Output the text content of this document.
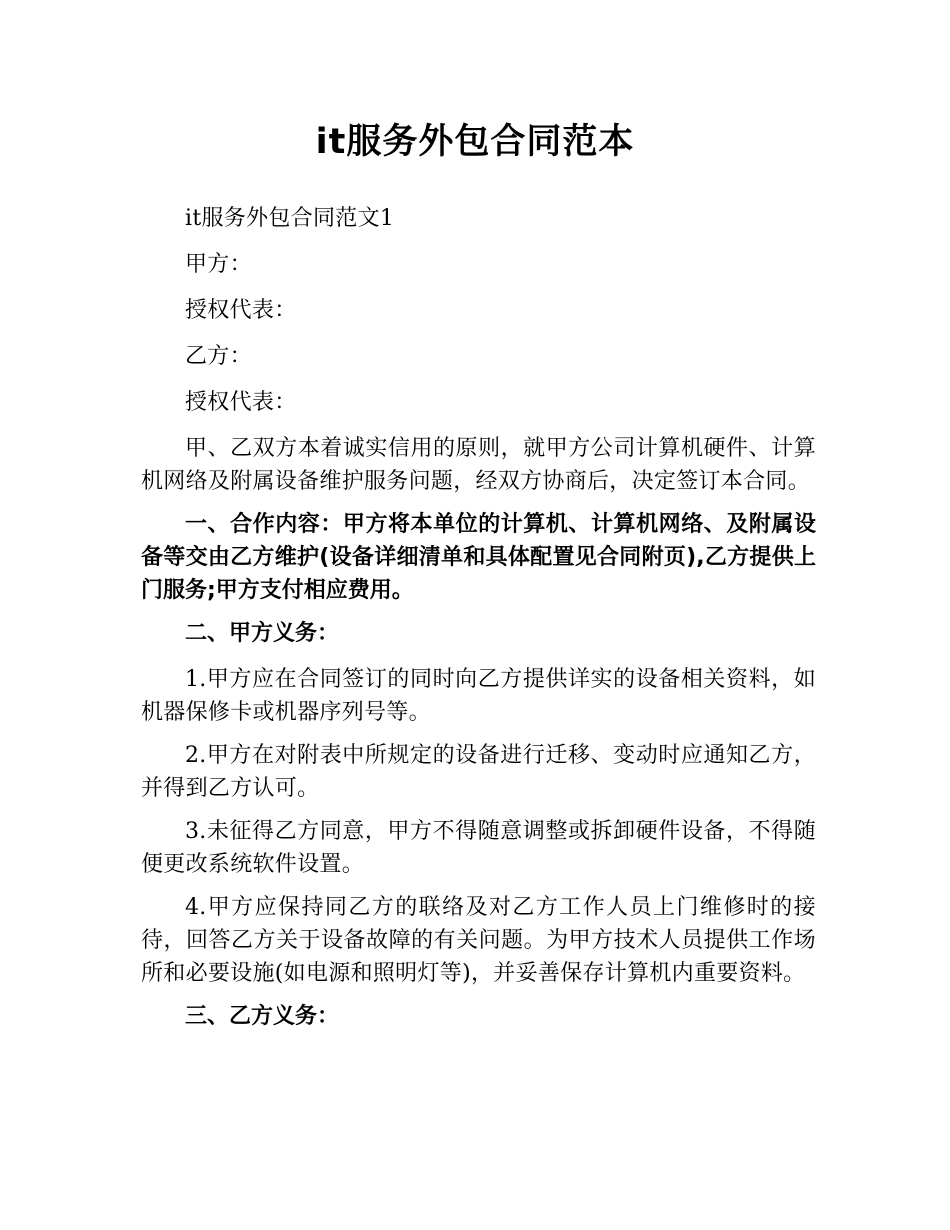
it服务外包合同范本

it服务外包合同范文1

甲方：

授权代表：

乙方：

授权代表：

甲、乙双方本着诚实信用的原则，就甲方公司计算机硬件、计算机网络及附属设备维护服务问题，经双方协商后，决定签订本合同。

一、合作内容：甲方将本单位的计算机、计算机网络、及附属设备等交由乙方维护(设备详细清单和具体配置见合同附页),乙方提供上门服务;甲方支付相应费用。

二、甲方义务：

1.甲方应在合同签订的同时向乙方提供详实的设备相关资料，如机器保修卡或机器序列号等。

2.甲方在对附表中所规定的设备进行迁移、变动时应通知乙方，并得到乙方认可。

3.未征得乙方同意，甲方不得随意调整或拆卸硬件设备，不得随便更改系统软件设置。

4.甲方应保持同乙方的联络及对乙方工作人员上门维修时的接待，回答乙方关于设备故障的有关问题。为甲方技术人员提供工作场所和必要设施(如电源和照明灯等)，并妥善保存计算机内重要资料。

三、乙方义务：
